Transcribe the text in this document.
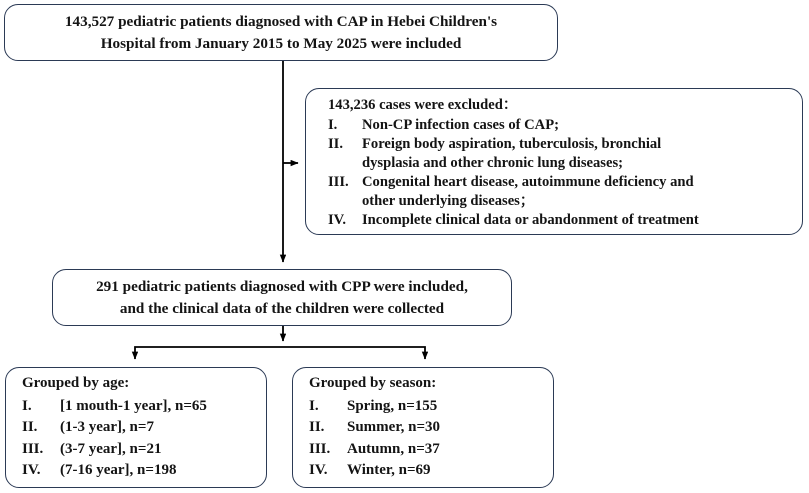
143,527 pediatric patients diagnosed with CAP in Hebei Children's
Hospital from January 2015 to May 2025 were included
143,236 cases were excluded：
I.	Non-CP infection cases of CAP;
II.	Foreign body aspiration, tuberculosis, bronchial
dysplasia and other chronic lung diseases;
III. Congenital heart disease, autoimmune deficiency and
other underlying diseases；
IV.	Incomplete clinical data or abandonment of treatment
291 pediatric patients diagnosed with CPP were included,
and the clinical data of the children were collected
Grouped by age:
I.	[1 mouth-1 year], n=65
II.	(1-3 year], n=7
III.	(3-7 year], n=21
IV.	(7-16 year], n=198
Grouped by season:
I.	Spring, n=155
II.	Summer, n=30
III.	Autumn, n=37
IV.	Winter, n=69
